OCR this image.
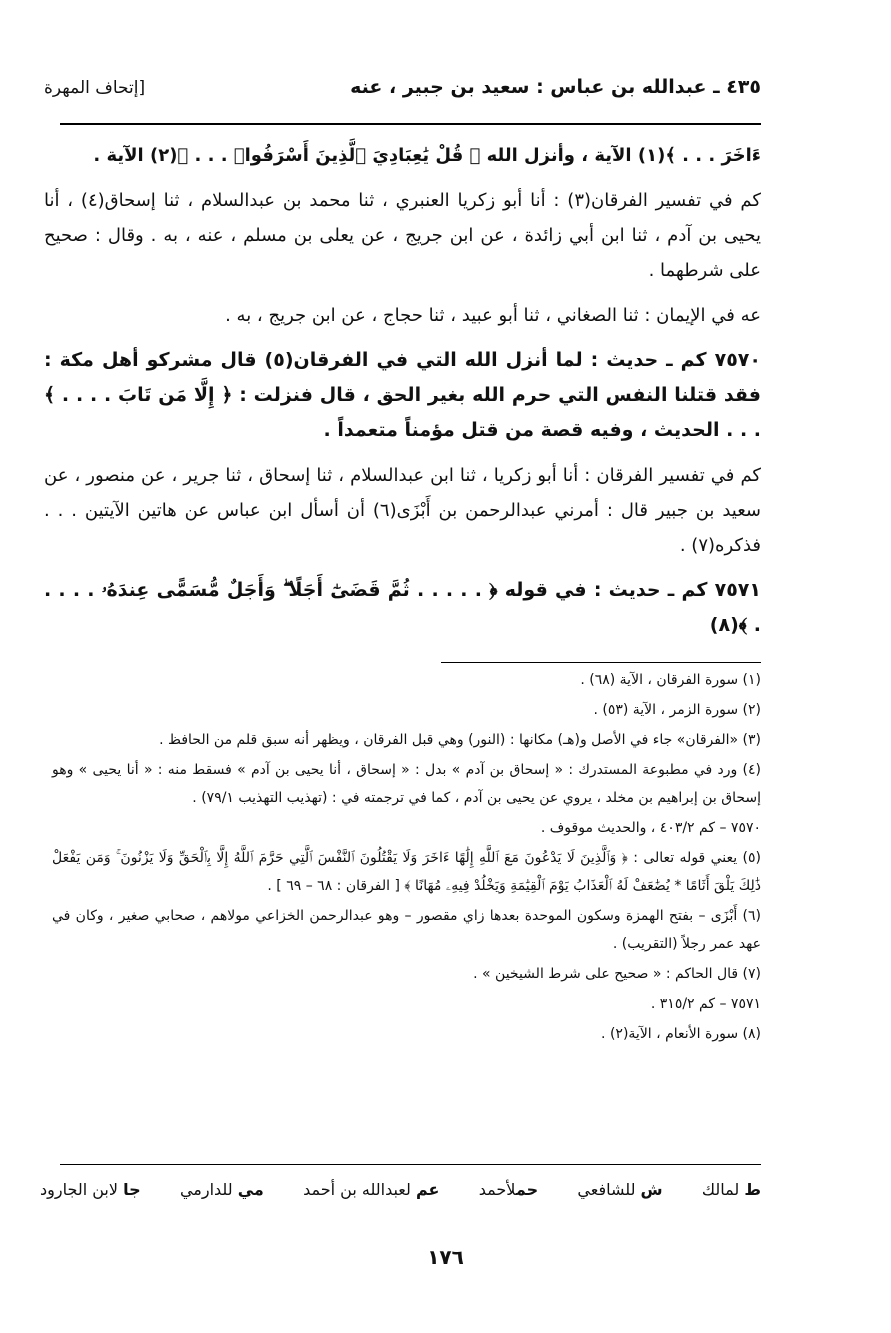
٤٣٥ ـ عبدالله بن عباس : سعيد بن جبير ، عنه
[إتحاف المهرة

ءَاخَرَ . . . ﴾(١) الآية ، وأنزل الله ﴿ قُلْ يَٰعِبَادِيَ ٱلَّذِينَ أَسْرَفُوا۟ . . . ﴾(٢) الآية .

كم في تفسير الفرقان(٣) : أنا أبو زكريا العنبري ، ثنا محمد بن عبدالسلام ، ثنا إسحاق(٤) ، أنا يحيى بن آدم ، ثنا ابن أبي زائدة ، عن ابن جريج ، عن يعلى بن مسلم ، عنه ، به . وقال : صحيح على شرطهما .

عه في الإيمان : ثنا الصغاني ، ثنا أبو عبيد ، ثنا حجاج ، عن ابن جريج ، به .

٧٥٧٠ كم ـ حديث : لما أنزل الله التي في الفرقان(٥) قال مشركو أهل مكة : فقد قتلنا النفس التي حرم الله بغير الحق ، قال فنزلت : ﴿ إِلَّا مَن تَابَ . . . . ﴾ . . . الحديث ، وفيه قصة من قتل مؤمناً متعمداً .

كم في تفسير الفرقان : أنا أبو زكريا ، ثنا ابن عبدالسلام ، ثنا إسحاق ، ثنا جرير ، عن منصور ، عن سعيد بن جبير قال : أمرني عبدالرحمن بن أَبْزَى(٦) أن أسأل ابن عباس عن هاتين الآيتين . . . فذكره(٧) .

٧٥٧١ كم ـ حديث : في قوله ﴿ . . . . . ثُمَّ قَضَىٰٓ أَجَلًا ۖ وَأَجَلٌ مُّسَمًّى عِندَهُۥ . . . . . ﴾(٨)

(١) سورة الفرقان ، الآية (٦٨) .

(٢) سورة الزمر ، الآية (٥٣) .

(٣) «الفرقان» جاء في الأصل و(هـ) مكانها : (النور) وهي قبل الفرقان ، ويظهر أنه سبق قلم من الحافظ .

(٤) ورد في مطبوعة المستدرك : « إسحاق بن آدم » بدل : « إسحاق ، أنا يحيى بن آدم » فسقط منه : « أنا يحيى » وهو إسحاق بن إبراهيم بن مخلد ، يروي عن يحيى بن آدم ، كما في ترجمته في : (تهذيب التهذيب ٧٩/١) .

٧٥٧٠ – كم ٤٠٣/٢ ، والحديث موقوف .

(٥) يعني قوله تعالى : ﴿ وَٱلَّذِينَ لَا يَدْعُونَ مَعَ ٱللَّهِ إِلَٰهًا ءَاخَرَ وَلَا يَقْتُلُونَ ٱلنَّفْسَ ٱلَّتِي حَرَّمَ ٱللَّهُ إِلَّا بِٱلْحَقِّ وَلَا يَزْنُونَ ۚ وَمَن يَفْعَلْ ذَٰلِكَ يَلْقَ أَثَامًا * يُضَٰعَفْ لَهُ ٱلْعَذَابُ يَوْمَ ٱلْقِيَٰمَةِ وَيَخْلُدْ فِيهِۦ مُهَانًا ﴾ [ الفرقان : ٦٨ – ٦٩ ] .

(٦) أَبْزَى – بفتح الهمزة وسكون الموحدة بعدها زاي مقصور – وهو عبدالرحمن الخزاعي مولاهم ، صحابي صغير ، وكان في عهد عمر رجلاً (التقريب) .

(٧) قال الحاكم : « صحيح على شرط الشيخين » .

٧٥٧١ – كم ٣١٥/٢ .

(٨) سورة الأنعام ، الآية(٢) .

ط لمالك
ش للشافعي
حملأحمد
عم لعبدالله بن أحمد
مي للدارمي
جا لابن الجارود
١٧٦
